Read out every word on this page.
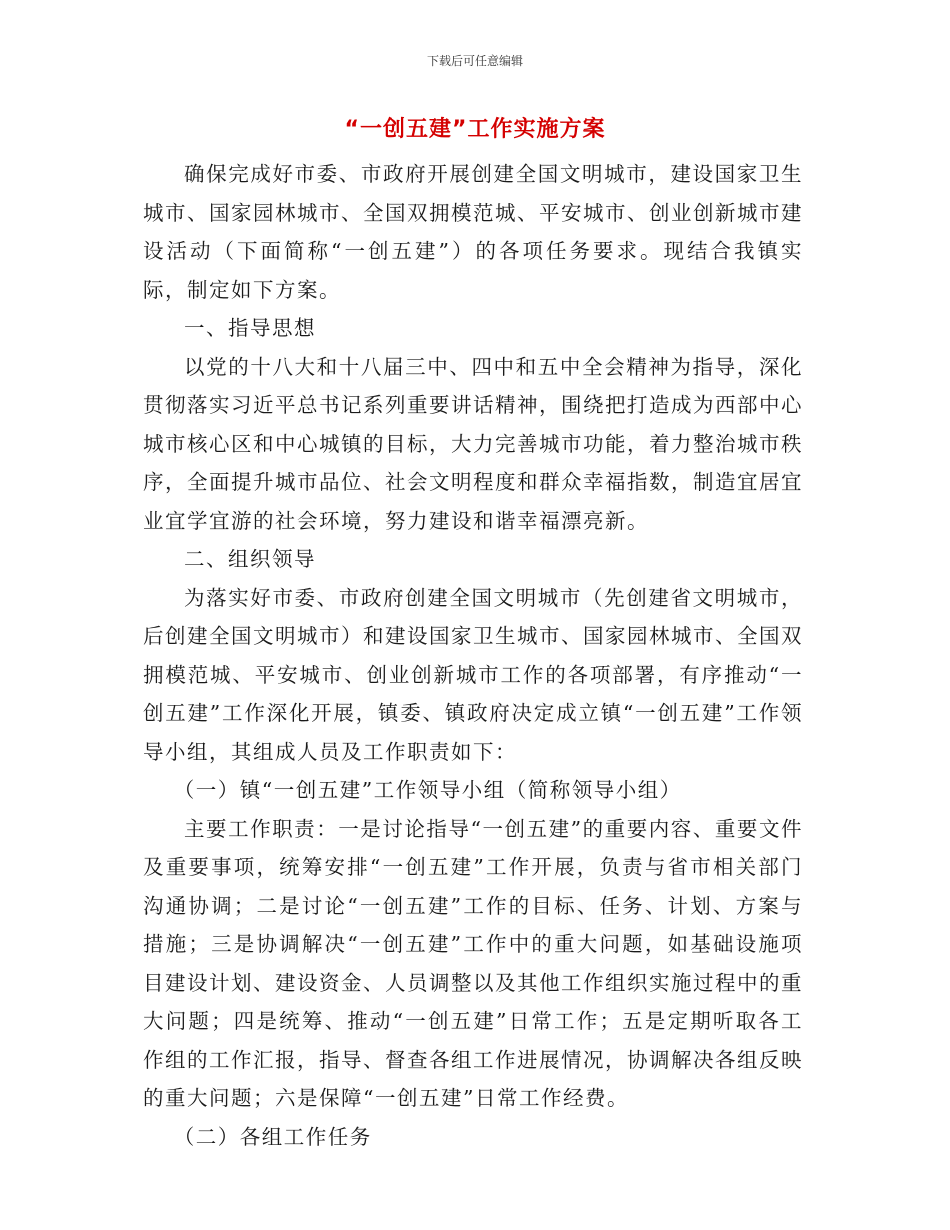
下载后可任意编辑
“一创五建”工作实施方案

确保完成好市委、市政府开展创建全国文明城市，建设国家卫生城市、国家园林城市、全国双拥模范城、平安城市、创业创新城市建设活动（下面简称“一创五建”）的各项任务要求。现结合我镇实际，制定如下方案。

一、指导思想

以党的十八大和十八届三中、四中和五中全会精神为指导，深化贯彻落实习近平总书记系列重要讲话精神，围绕把打造成为西部中心城市核心区和中心城镇的目标，大力完善城市功能，着力整治城市秩序，全面提升城市品位、社会文明程度和群众幸福指数，制造宜居宜业宜学宜游的社会环境，努力建设和谐幸福漂亮新。

二、组织领导

为落实好市委、市政府创建全国文明城市（先创建省文明城市，后创建全国文明城市）和建设国家卫生城市、国家园林城市、全国双拥模范城、平安城市、创业创新城市工作的各项部署，有序推动“一创五建”工作深化开展，镇委、镇政府决定成立镇“一创五建”工作领导小组，其组成人员及工作职责如下：

（一）镇“一创五建”工作领导小组（简称领导小组）

主要工作职责：一是讨论指导“一创五建”的重要内容、重要文件及重要事项，统筹安排“一创五建”工作开展，负责与省市相关部门沟通协调；二是讨论“一创五建”工作的目标、任务、计划、方案与措施；三是协调解决“一创五建”工作中的重大问题，如基础设施项目建设计划、建设资金、人员调整以及其他工作组织实施过程中的重大问题；四是统筹、推动“一创五建”日常工作；五是定期听取各工作组的工作汇报，指导、督查各组工作进展情况，协调解决各组反映的重大问题；六是保障“一创五建”日常工作经费。

（二）各组工作任务
